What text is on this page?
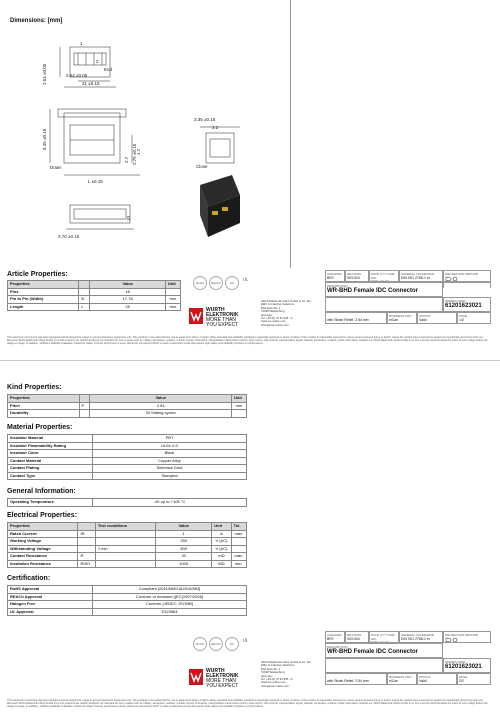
Dimensions: [mm]
1
2
End
2.54 ±0.05
21 ±0.15
2.54 ±0.05
8.45 ±0.15
2.75 ±0.15
2.7
1.7
Down
L ±0.15
3.70 ±0.15
10
3.35 ±0.15
2.2
Close
Article Properties:
Properties		Value	Unit
Pins		16	
Pin to Pin (Width)	B	17.78	mm
Length	L	25	mm
RoHS	REACh	HF	ᵁᴸ
WURTH
ELEKTRONIK
MORE THAN
YOU EXPECT
Würth Elektronik eiSos GmbH & Co. KG
EMC & Inductive Solutions
Max-Eyth-Str. 1
74638 Waldenburg
Germany
Tel. +49 (0) 79 42 945 - 0
www.we-online.com
eiSos@we-online.com
CHECKED
BRY
REVISION
003.004
DATE (YYYY-MM-DD)
2021-06-30
GENERAL TOLERANCE
DIN ISO 2768-1 m
PROJECTION METHOD
DESCRIPTION
WR-BHD Female IDC Connector
ORDER CODE
61201623021

with Strain Relief, 2.54 mm
BUSINESS UNIT
eiCan
STATUS
Valid
PAGE
1/2
This electronic component has been designed and developed for usage in general electronic equipment only. This product is not authorized for use in equipment where a higher safety standard and reliability standard is especially required or where a failure of the product is reasonably expected to cause severe personal injury or death, unless the parties have executed an agreement specifically governing such use. Moreover Würth Elektronik eiSos GmbH & Co KG products are neither designed nor intended for use in areas such as military, aerospace, aviation, nuclear control, submarine, transportation (automotive control, train control, ship control), transportation signal, disaster prevention, medical, public information network etc. Würth Elektronik eiSos GmbH & Co KG must be informed about the intent of such usage before the design-in stage. In addition, sufficient reliability evaluation checks for safety must be performed on every electronic component which is used in electrical circuits that require high safety and reliability functions or performance.
Kind Properties:
Properties		Value	Unit
Pitch	P	2.54	mm
Durability		20 Mating cycles	
Material Properties:
Insulator Material	PBT
Insulator Flammability Rating	UL94 V-0
Insulator Color	Black
Contact Material	Copper Alloy
Contact Plating	Selective Gold
Contact Type	Stamped
General Information:
Operating Temperature	-40 up to +105 °C
Electrical Properties:
Properties		Test conditions	Value	Unit	Tol.
Rated Current	IR		1	A	max.
Working Voltage			250	V (AC)	
Withstanding Voltage		1 min	500	V (AC)	
Contact Resistance	R		20	mΩ	max.
Insulation Resistance	RISO		1000	MΩ	min.
Certification:
RoHS Approval	Compliant [2011/65/EU&2015/863]
REACh Approval	Conform or declared [(EC)1907/2006]
Halogen Free	Conform [JEDEC JS709B]
UL Approval	E323964
RoHS	REACh	HF	ᵁᴸ
WURTH
ELEKTRONIK
MORE THAN
YOU EXPECT
Würth Elektronik eiSos GmbH & Co. KG
EMC & Inductive Solutions
Max-Eyth-Str. 1
74638 Waldenburg
Germany
Tel. +49 (0) 79 42 945 - 0
www.we-online.com
eiSos@we-online.com
CHECKED
BRY
REVISION
003.004
DATE (YYYY-MM-DD)
2021-06-30
GENERAL TOLERANCE
DIN ISO 2768-1 m
PROJECTION METHOD
DESCRIPTION
WR-BHD Female IDC Connector
ORDER CODE
61201623021

with Strain Relief, 2.54 mm
BUSINESS UNIT
eiCan
STATUS
Valid
PAGE
2/2
This electronic component has been designed and developed for usage in general electronic equipment only. This product is not authorized for use in equipment where a higher safety standard and reliability standard is especially required or where a failure of the product is reasonably expected to cause severe personal injury or death, unless the parties have executed an agreement specifically governing such use. Moreover Würth Elektronik eiSos GmbH & Co KG products are neither designed nor intended for use in areas such as military, aerospace, aviation, nuclear control, submarine, transportation (automotive control, train control, ship control), transportation signal, disaster prevention, medical, public information network etc. Würth Elektronik eiSos GmbH & Co KG must be informed about the intent of such usage before the design-in stage. In addition, sufficient reliability evaluation checks for safety must be performed on every electronic component which is used in electrical circuits that require high safety and reliability functions or performance.
